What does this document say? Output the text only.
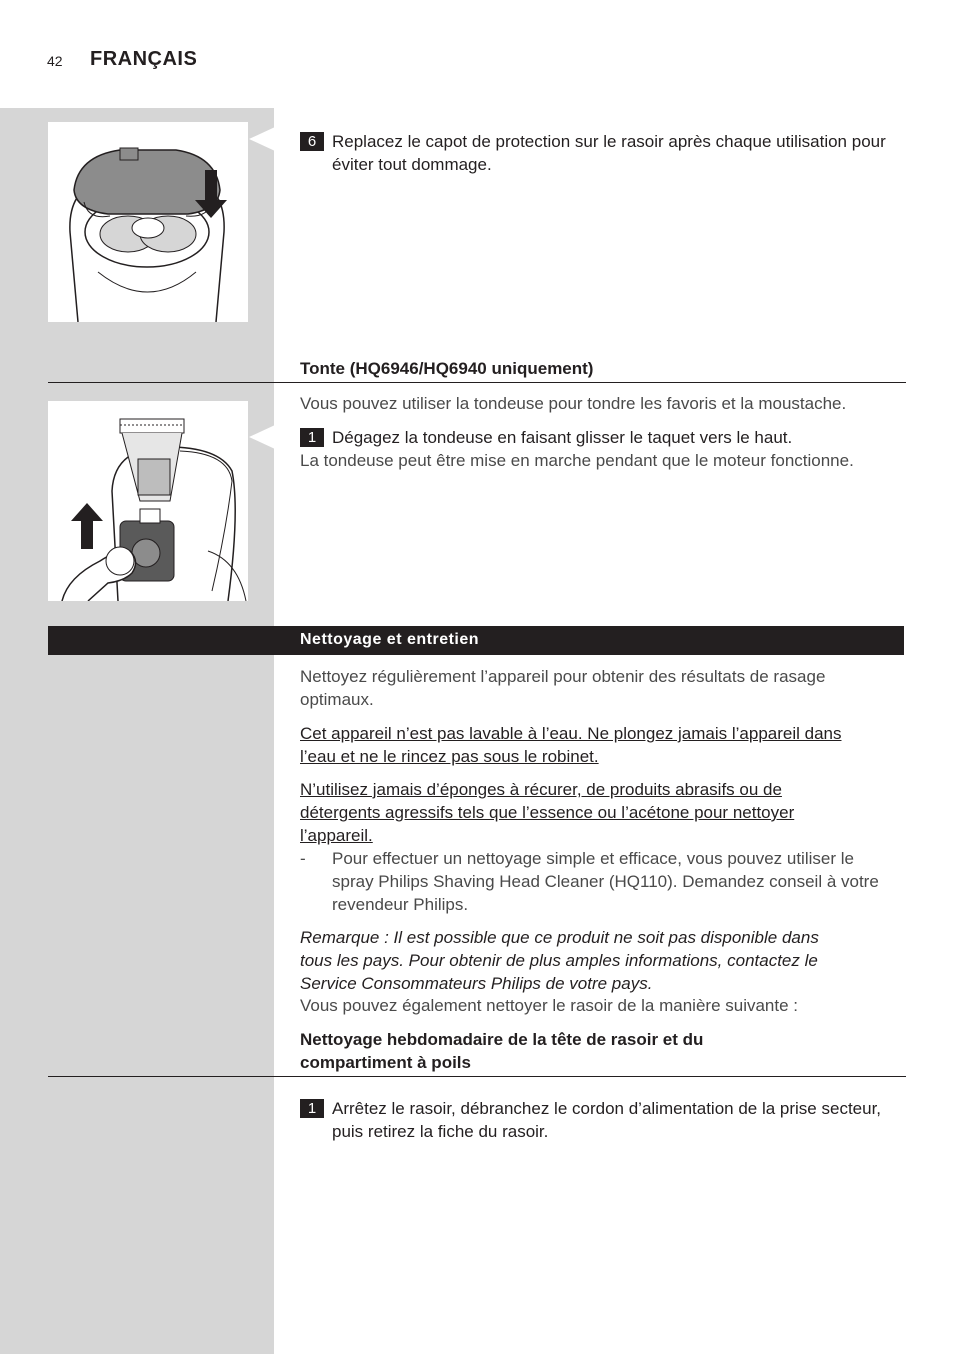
42 FRANÇAIS
6 Replacez le capot de protection sur le rasoir après chaque utilisation pour éviter tout dommage.
Tonte (HQ6946/HQ6940 uniquement)
Vous pouvez utiliser la tondeuse pour tondre les favoris et la moustache.
1 Dégagez la tondeuse en faisant glisser le taquet vers le haut.
La tondeuse peut être mise en marche pendant que le moteur fonctionne.
Nettoyage et entretien
Nettoyez régulièrement l’appareil pour obtenir des résultats de rasage optimaux.
Cet appareil n’est pas lavable à l’eau. Ne plongez jamais l’appareil dans l’eau et ne le rincez pas sous le robinet.
N’utilisez jamais d’éponges à récurer, de produits abrasifs ou de détergents agressifs tels que l’essence ou l’acétone pour nettoyer l’appareil.
- Pour effectuer un nettoyage simple et efficace, vous pouvez utiliser le spray Philips Shaving Head Cleaner (HQ110). Demandez conseil à votre revendeur Philips.
Remarque : Il est possible que ce produit ne soit pas disponible dans tous les pays. Pour obtenir de plus amples informations, contactez le Service Consommateurs Philips de votre pays.
Vous pouvez également nettoyer le rasoir de la manière suivante :
Nettoyage hebdomadaire de la tête de rasoir et du compartiment à poils
1 Arrêtez le rasoir, débranchez le cordon d’alimentation de la prise secteur, puis retirez la fiche du rasoir.
